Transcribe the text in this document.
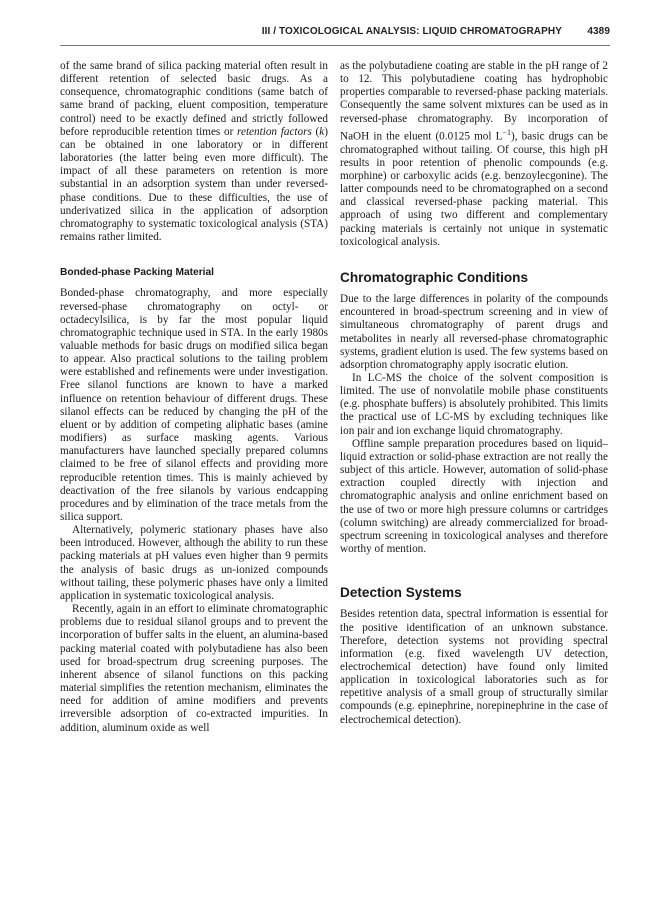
III / TOXICOLOGICAL ANALYSIS: LIQUID CHROMATOGRAPHY	4389

of the same brand of silica packing material often result in different retention of selected basic drugs. As a consequence, chromatographic conditions (same batch of same brand of packing, eluent composition, temperature control) need to be exactly defined and strictly followed before reproducible retention times or retention factors (k) can be obtained in one laboratory or in different laboratories (the latter being even more difficult). The impact of all these parameters on retention is more substantial in an adsorption system than under reversed-phase conditions. Due to these difficulties, the use of underivatized silica in the application of adsorption chromatography to systematic toxicological analysis (STA) remains rather limited.

Bonded-phase Packing Material

Bonded-phase chromatography, and more especially reversed-phase chromatography on octyl- or octadecylsilica, is by far the most popular liquid chromatographic technique used in STA. In the early 1980s valuable methods for basic drugs on modified silica began to appear. Also practical solutions to the tailing problem were established and refinements were under investigation. Free silanol functions are known to have a marked influence on retention behaviour of different drugs. These silanol effects can be reduced by changing the pH of the eluent or by addition of competing aliphatic bases (amine modifiers) as surface masking agents. Various manufacturers have launched specially prepared columns claimed to be free of silanol effects and providing more reproducible retention times. This is mainly achieved by deactivation of the free silanols by various endcapping procedures and by elimination of the trace metals from the silica support.

Alternatively, polymeric stationary phases have also been introduced. However, although the ability to run these packing materials at pH values even higher than 9 permits the analysis of basic drugs as un-ionized compounds without tailing, these polymeric phases have only a limited application in systematic toxicological analysis.

Recently, again in an effort to eliminate chromatographic problems due to residual silanol groups and to prevent the incorporation of buffer salts in the eluent, an alumina-based packing material coated with polybutadiene has also been used for broad-spectrum drug screening purposes. The inherent absence of silanol functions on this packing material simplifies the retention mechanism, eliminates the need for addition of amine modifiers and prevents irreversible adsorption of co-extracted impurities. In addition, aluminum oxide as well

as the polybutadiene coating are stable in the pH range of 2 to 12. This polybutadiene coating has hydrophobic properties comparable to reversed-phase packing materials. Consequently the same solvent mixtures can be used as in reversed-phase chromatography. By incorporation of NaOH in the eluent (0.0125 mol $L^{-1}$), basic drugs can be chromatographed without tailing. Of course, this high pH results in poor retention of phenolic compounds (e.g. morphine) or carboxylic acids (e.g. benzoylecgonine). The latter compounds need to be chromatographed on a second and classical reversed-phase packing material. This approach of using two different and complementary packing materials is certainly not unique in systematic toxicological analysis.

Chromatographic Conditions

Due to the large differences in polarity of the compounds encountered in broad-spectrum screening and in view of simultaneous chromatography of parent drugs and metabolites in nearly all reversed-phase chromatographic systems, gradient elution is used. The few systems based on adsorption chromatography apply isocratic elution.

In LC-MS the choice of the solvent composition is limited. The use of nonvolatile mobile phase constituents (e.g. phosphate buffers) is absolutely prohibited. This limits the practical use of LC-MS by excluding techniques like ion pair and ion exchange liquid chromatography.

Offline sample preparation procedures based on liquid–liquid extraction or solid-phase extraction are not really the subject of this article. However, automation of solid-phase extraction coupled directly with injection and chromatographic analysis and online enrichment based on the use of two or more high pressure columns or cartridges (column switching) are already commercialized for broad-spectrum screening in toxicological analyses and therefore worthy of mention.

Detection Systems

Besides retention data, spectral information is essential for the positive identification of an unknown substance. Therefore, detection systems not providing spectral information (e.g. fixed wavelength UV detection, electrochemical detection) have found only limited application in toxicological laboratories such as for repetitive analysis of a small group of structurally similar compounds (e.g. epinephrine, norepinephrine in the case of electrochemical detection).
